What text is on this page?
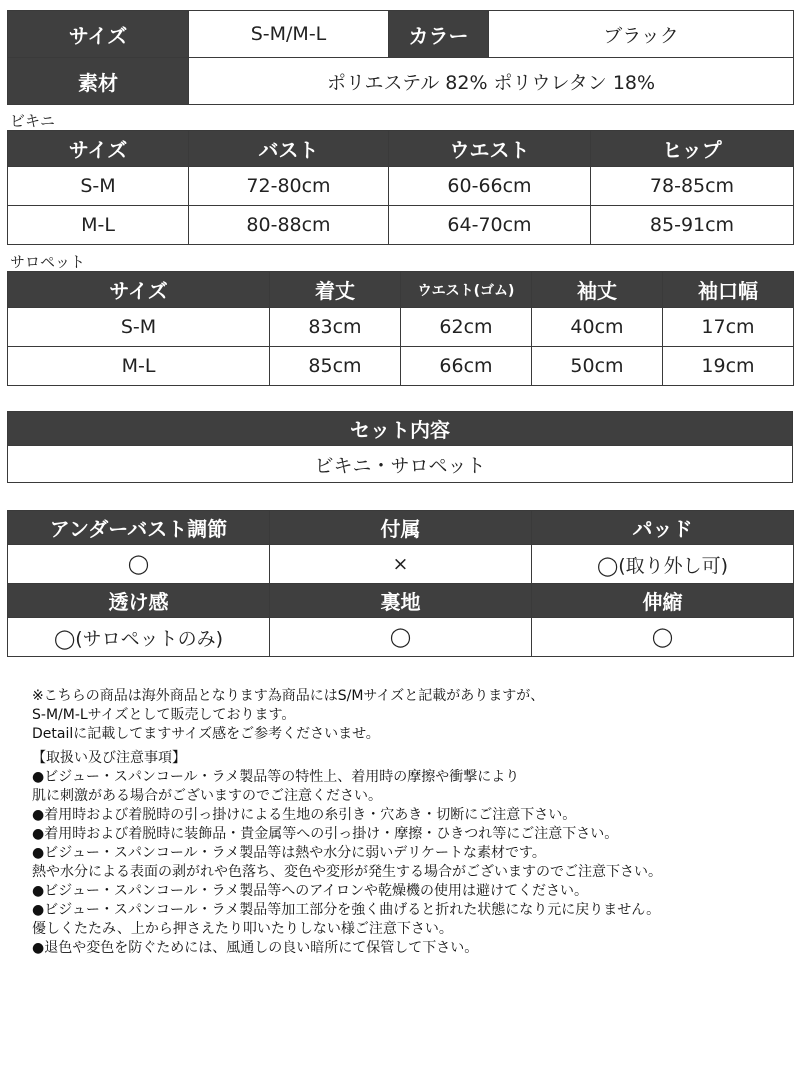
サイズ	S-M/M-L	カラー	ブラック
素材	ポリエステル 82% ポリウレタン 18%		
ビキニ
サイズ	バスト	ウエスト	ヒップ
S-M	72-80cm	60-66cm	78-85cm
M-L	80-88cm	64-70cm	85-91cm
サロペット
サイズ	着丈	ウエスト(ゴム)	袖丈	袖口幅
S-M	83cm	62cm	40cm	17cm
M-L	85cm	66cm	50cm	19cm
セット内容
ビキニ・サロペット
アンダーバスト調節	付属	パッド
◯	×	◯(取り外し可)
透け感	裏地	伸縮
◯(サロペットのみ)	◯	◯
※こちらの商品は海外商品となります為商品にはS/Mサイズと記載がありますが、
S-M/M-Lサイズとして販売しております。
Detailに記載してますサイズ感をご参考くださいませ。
【取扱い及び注意事項】
●ビジュー・スパンコール・ラメ製品等の特性上、着用時の摩擦や衝撃により
肌に刺激がある場合がございますのでご注意ください。
●着用時および着脱時の引っ掛けによる生地の糸引き・穴あき・切断にご注意下さい。
●着用時および着脱時に装飾品・貴金属等への引っ掛け・摩擦・ひきつれ等にご注意下さい。
●ビジュー・スパンコール・ラメ製品等は熱や水分に弱いデリケートな素材です。
熱や水分による表面の剥がれや色落ち、変色や変形が発生する場合がございますのでご注意下さい。
●ビジュー・スパンコール・ラメ製品等へのアイロンや乾燥機の使用は避けてください。
●ビジュー・スパンコール・ラメ製品等加工部分を強く曲げると折れた状態になり元に戻りません。
優しくたたみ、上から押さえたり叩いたりしない様ご注意下さい。
●退色や変色を防ぐためには、風通しの良い暗所にて保管して下さい。
